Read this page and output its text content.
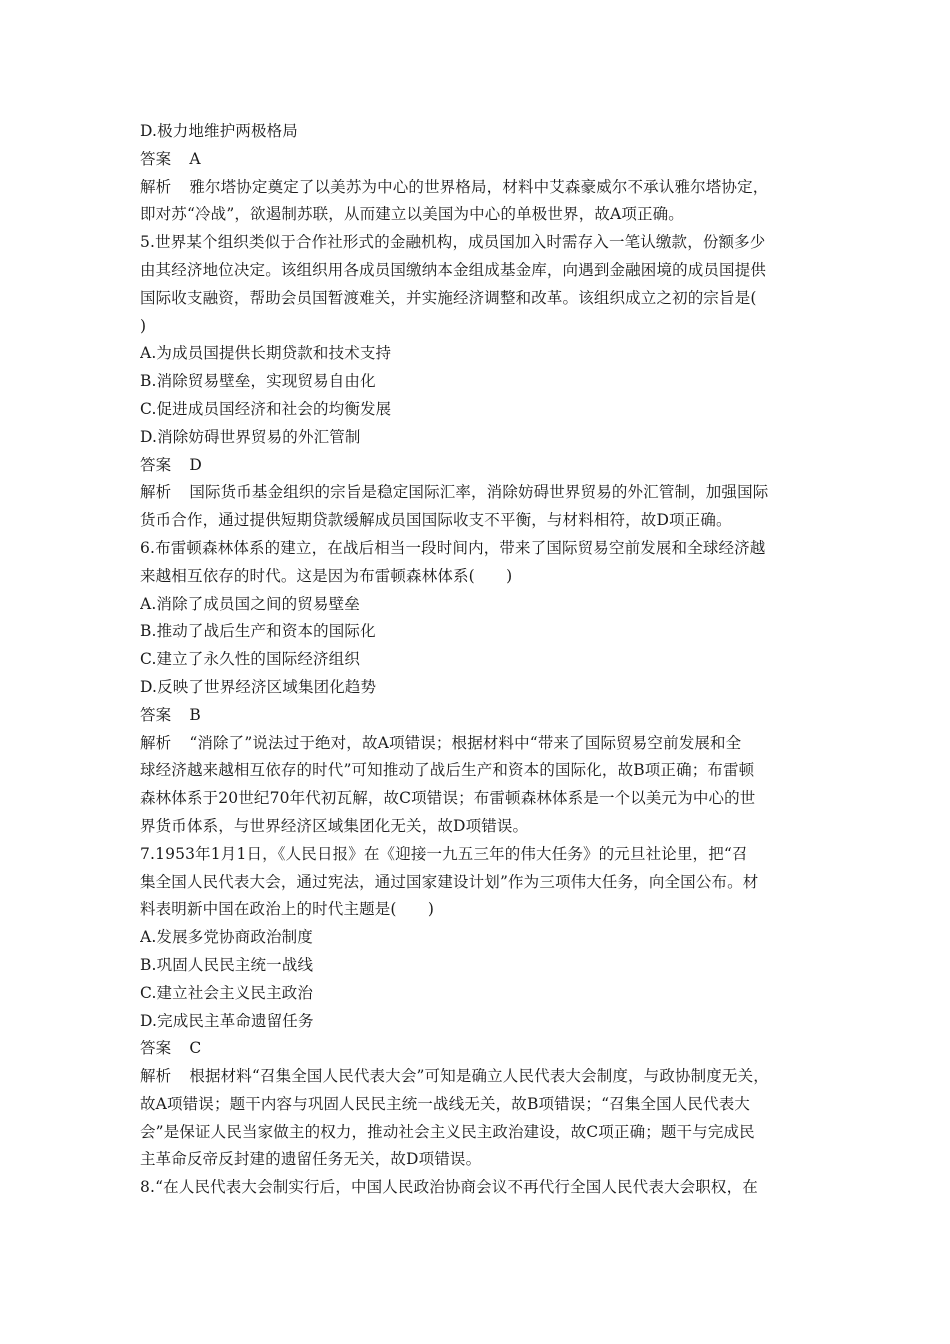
D.极力地维护两极格局
答案 A
解析 雅尔塔协定奠定了以美苏为中心的世界格局，材料中艾森豪威尔不承认雅尔塔协定，
即对苏“冷战”，欲遏制苏联，从而建立以美国为中心的单极世界，故A项正确。
5.世界某个组织类似于合作社形式的金融机构，成员国加入时需存入一笔认缴款，份额多少
由其经济地位决定。该组织用各成员国缴纳本金组成基金库，向遇到金融困境的成员国提供
国际收支融资，帮助会员国暂渡难关，并实施经济调整和改革。该组织成立之初的宗旨是(
)
A.为成员国提供长期贷款和技术支持
B.消除贸易壁垒，实现贸易自由化
C.促进成员国经济和社会的均衡发展
D.消除妨碍世界贸易的外汇管制
答案 D
解析 国际货币基金组织的宗旨是稳定国际汇率，消除妨碍世界贸易的外汇管制，加强国际
货币合作，通过提供短期贷款缓解成员国国际收支不平衡，与材料相符，故D项正确。
6.布雷顿森林体系的建立，在战后相当一段时间内，带来了国际贸易空前发展和全球经济越
来越相互依存的时代。这是因为布雷顿森林体系(　　)
A.消除了成员国之间的贸易壁垒
B.推动了战后生产和资本的国际化
C.建立了永久性的国际经济组织
D.反映了世界经济区域集团化趋势
答案 B
解析 “消除了”说法过于绝对，故A项错误；根据材料中“带来了国际贸易空前发展和全
球经济越来越相互依存的时代”可知推动了战后生产和资本的国际化，故B项正确；布雷顿
森林体系于20世纪70年代初瓦解，故C项错误；布雷顿森林体系是一个以美元为中心的世
界货币体系，与世界经济区域集团化无关，故D项错误。
7.1953年1月1日，《人民日报》在《迎接一九五三年的伟大任务》的元旦社论里，把“召
集全国人民代表大会，通过宪法，通过国家建设计划”作为三项伟大任务，向全国公布。材
料表明新中国在政治上的时代主题是(　　)
A.发展多党协商政治制度
B.巩固人民民主统一战线
C.建立社会主义民主政治
D.完成民主革命遗留任务
答案 C
解析 根据材料“召集全国人民代表大会”可知是确立人民代表大会制度，与政协制度无关，
故A项错误；题干内容与巩固人民民主统一战线无关，故B项错误；“召集全国人民代表大
会”是保证人民当家做主的权力，推动社会主义民主政治建设，故C项正确；题干与完成民
主革命反帝反封建的遗留任务无关，故D项错误。
8.“在人民代表大会制实行后，中国人民政治协商会议不再代行全国人民代表大会职权，在
